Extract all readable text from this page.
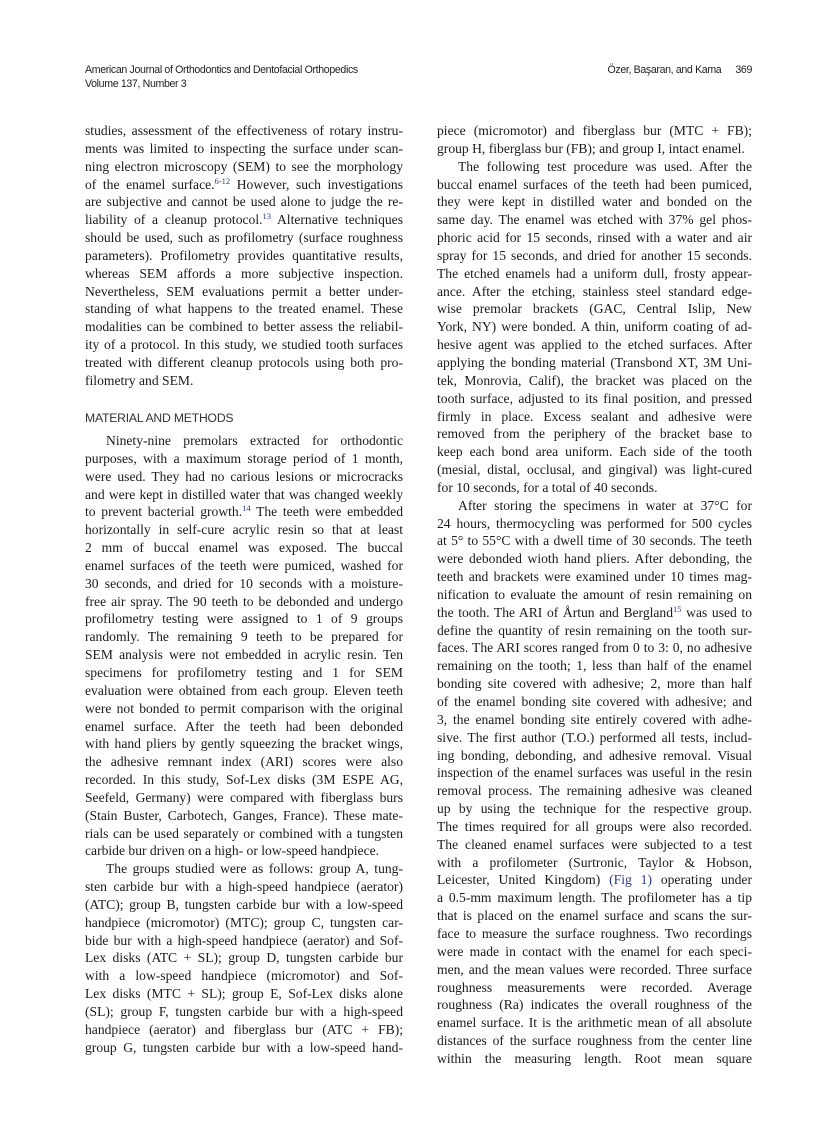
American Journal of Orthodontics and Dentofacial Orthopedics
Volume 137, Number 3
Özer, Başaran, and Kama 369
studies, assessment of the effectiveness of rotary instru-
ments was limited to inspecting the surface under scan-
ning electron microscopy (SEM) to see the morphology
of the enamel surface.$^{6-12}$ However, such investigations
are subjective and cannot be used alone to judge the re-
liability of a cleanup protocol.$^{13}$ Alternative techniques
should be used, such as profilometry (surface roughness
parameters). Profilometry provides quantitative results,
whereas SEM affords a more subjective inspection.
Nevertheless, SEM evaluations permit a better under-
standing of what happens to the treated enamel. These
modalities can be combined to better assess the reliabil-
ity of a protocol. In this study, we studied tooth surfaces
treated with different cleanup protocols using both pro-
filometry and SEM.
MATERIAL AND METHODS
Ninety-nine premolars extracted for orthodontic
purposes, with a maximum storage period of 1 month,
were used. They had no carious lesions or microcracks
and were kept in distilled water that was changed weekly
to prevent bacterial growth.$^{14}$ The teeth were embedded
horizontally in self-cure acrylic resin so that at least
2 mm of buccal enamel was exposed. The buccal
enamel surfaces of the teeth were pumiced, washed for
30 seconds, and dried for 10 seconds with a moisture-
free air spray. The 90 teeth to be debonded and undergo
profilometry testing were assigned to 1 of 9 groups
randomly. The remaining 9 teeth to be prepared for
SEM analysis were not embedded in acrylic resin. Ten
specimens for profilometry testing and 1 for SEM
evaluation were obtained from each group. Eleven teeth
were not bonded to permit comparison with the original
enamel surface. After the teeth had been debonded
with hand pliers by gently squeezing the bracket wings,
the adhesive remnant index (ARI) scores were also
recorded. In this study, Sof-Lex disks (3M ESPE AG,
Seefeld, Germany) were compared with fiberglass burs
(Stain Buster, Carbotech, Ganges, France). These mate-
rials can be used separately or combined with a tungsten
carbide bur driven on a high- or low-speed handpiece.
The groups studied were as follows: group A, tung-
sten carbide bur with a high-speed handpiece (aerator)
(ATC); group B, tungsten carbide bur with a low-speed
handpiece (micromotor) (MTC); group C, tungsten car-
bide bur with a high-speed handpiece (aerator) and Sof-
Lex disks (ATC + SL); group D, tungsten carbide bur
with a low-speed handpiece (micromotor) and Sof-
Lex disks (MTC + SL); group E, Sof-Lex disks alone
(SL); group F, tungsten carbide bur with a high-speed
handpiece (aerator) and fiberglass bur (ATC + FB);
group G, tungsten carbide bur with a low-speed hand-
piece (micromotor) and fiberglass bur (MTC + FB);
group H, fiberglass bur (FB); and group I, intact enamel.
The following test procedure was used. After the
buccal enamel surfaces of the teeth had been pumiced,
they were kept in distilled water and bonded on the
same day. The enamel was etched with 37% gel phos-
phoric acid for 15 seconds, rinsed with a water and air
spray for 15 seconds, and dried for another 15 seconds.
The etched enamels had a uniform dull, frosty appear-
ance. After the etching, stainless steel standard edge-
wise premolar brackets (GAC, Central Islip, New
York, NY) were bonded. A thin, uniform coating of ad-
hesive agent was applied to the etched surfaces. After
applying the bonding material (Transbond XT, 3M Uni-
tek, Monrovia, Calif), the bracket was placed on the
tooth surface, adjusted to its final position, and pressed
firmly in place. Excess sealant and adhesive were
removed from the periphery of the bracket base to
keep each bond area uniform. Each side of the tooth
(mesial, distal, occlusal, and gingival) was light-cured
for 10 seconds, for a total of 40 seconds.
After storing the specimens in water at 37°C for
24 hours, thermocycling was performed for 500 cycles
at 5° to 55°C with a dwell time of 30 seconds. The teeth
were debonded wioth hand pliers. After debonding, the
teeth and brackets were examined under 10 times mag-
nification to evaluate the amount of resin remaining on
the tooth. The ARI of Årtun and Bergland$^{15}$ was used to
define the quantity of resin remaining on the tooth sur-
faces. The ARI scores ranged from 0 to 3: 0, no adhesive
remaining on the tooth; 1, less than half of the enamel
bonding site covered with adhesive; 2, more than half
of the enamel bonding site covered with adhesive; and
3, the enamel bonding site entirely covered with adhe-
sive. The first author (T.O.) performed all tests, includ-
ing bonding, debonding, and adhesive removal. Visual
inspection of the enamel surfaces was useful in the resin
removal process. The remaining adhesive was cleaned
up by using the technique for the respective group.
The times required for all groups were also recorded.
The cleaned enamel surfaces were subjected to a test
with a profilometer (Surtronic, Taylor & Hobson,
Leicester, United Kingdom) (Fig 1) operating under
a 0.5-mm maximum length. The profilometer has a tip
that is placed on the enamel surface and scans the sur-
face to measure the surface roughness. Two recordings
were made in contact with the enamel for each speci-
men, and the mean values were recorded. Three surface
roughness measurements were recorded. Average
roughness (Ra) indicates the overall roughness of the
enamel surface. It is the arithmetic mean of all absolute
distances of the surface roughness from the center line
within the measuring length. Root mean square
